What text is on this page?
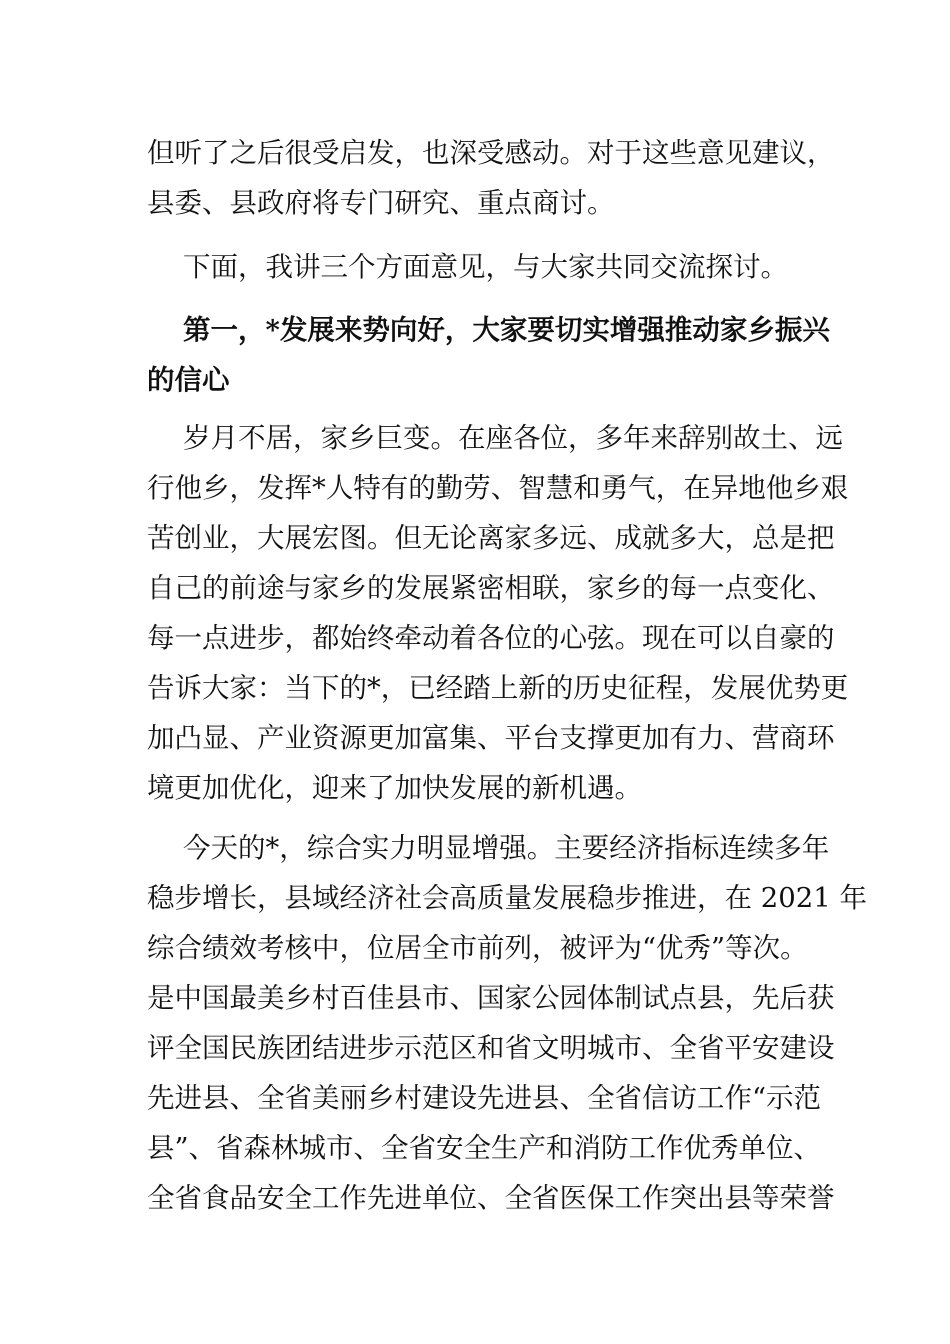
但听了之后很受启发，也深受感动。对于这些意见建议，
县委、县政府将专门研究、重点商讨。
下面，我讲三个方面意见，与大家共同交流探讨。
第一，*发展来势向好，大家要切实增强推动家乡振兴
的信心
岁月不居，家乡巨变。在座各位，多年来辞别故土、远
行他乡，发挥*人特有的勤劳、智慧和勇气，在异地他乡艰
苦创业，大展宏图。但无论离家多远、成就多大，总是把
自己的前途与家乡的发展紧密相联，家乡的每一点变化、
每一点进步，都始终牵动着各位的心弦。现在可以自豪的
告诉大家：当下的*，已经踏上新的历史征程，发展优势更
加凸显、产业资源更加富集、平台支撑更加有力、营商环
境更加优化，迎来了加快发展的新机遇。
今天的*，综合实力明显增强。主要经济指标连续多年
稳步增长，县域经济社会高质量发展稳步推进，在 2021 年
综合绩效考核中，位居全市前列，被评为“优秀”等次。
是中国最美乡村百佳县市、国家公园体制试点县，先后获
评全国民族团结进步示范区和省文明城市、全省平安建设
先进县、全省美丽乡村建设先进县、全省信访工作“示范
县”、省森林城市、全省安全生产和消防工作优秀单位、
全省食品安全工作先进单位、全省医保工作突出县等荣誉
